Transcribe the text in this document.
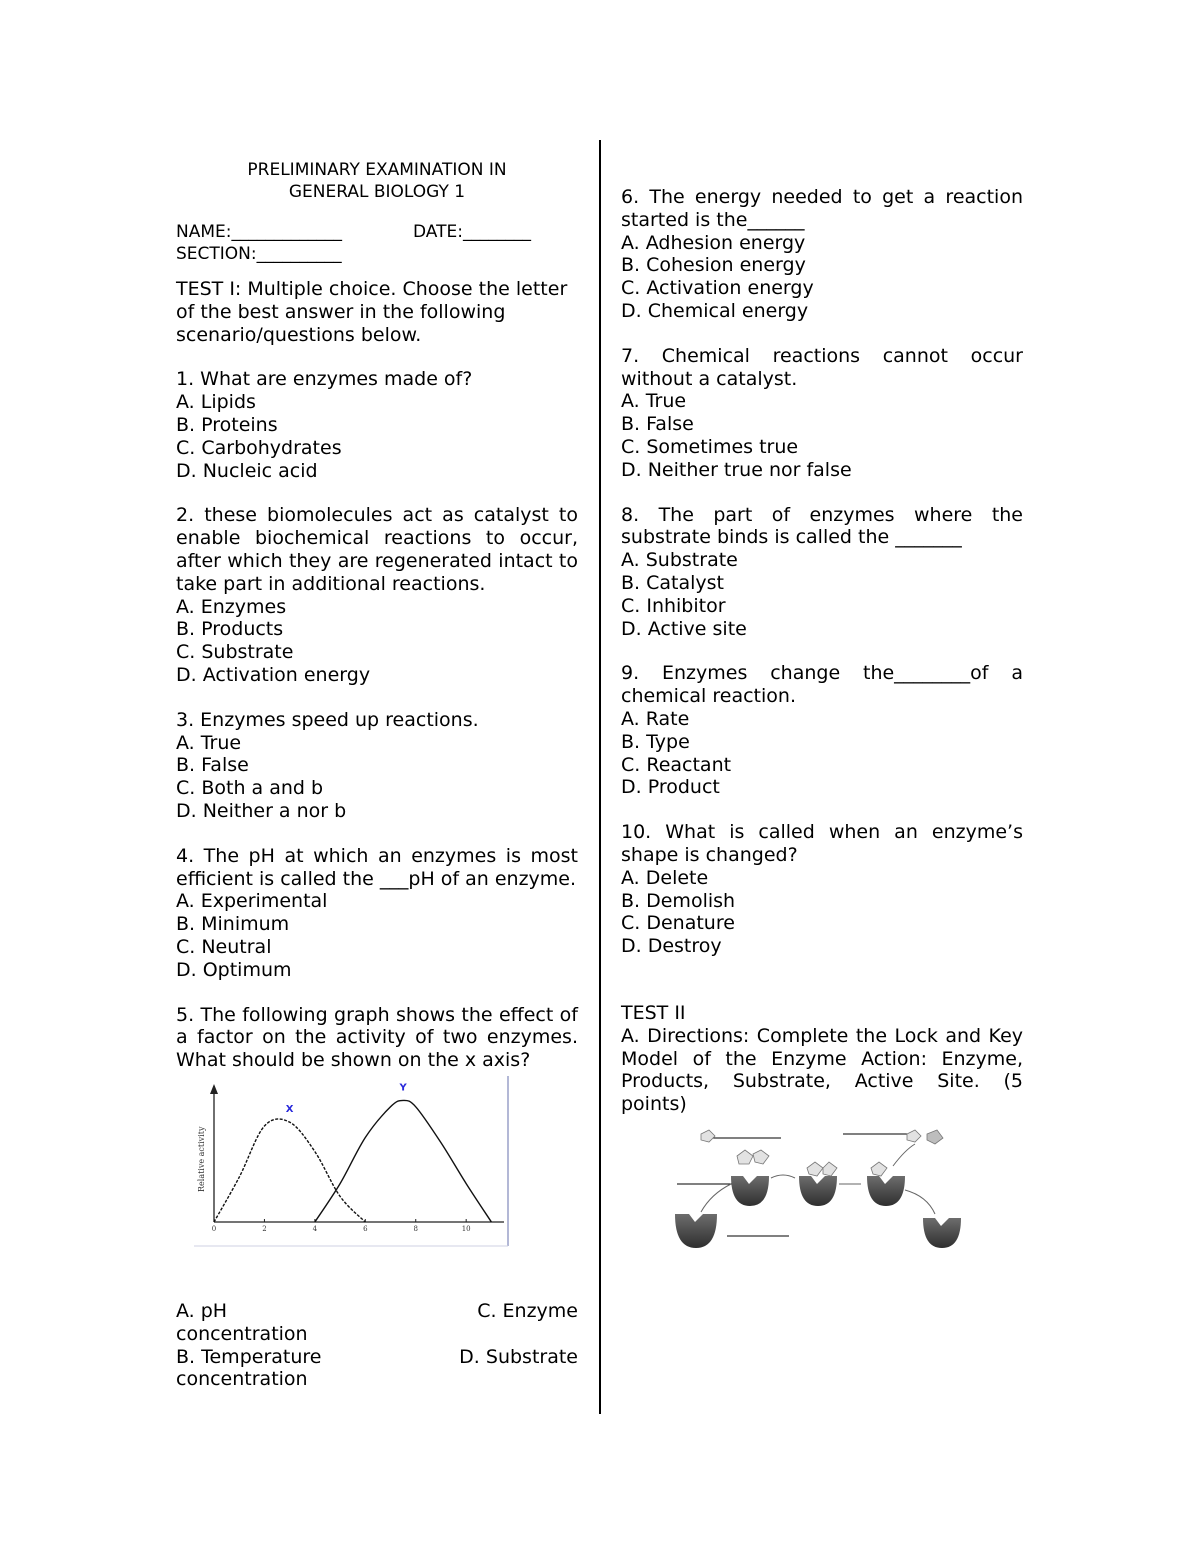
PRELIMINARY EXAMINATION IN
GENERAL BIOLOGY 1
NAME:_____________	DATE:________
SECTION:__________

TEST I: Multiple choice. Choose the letter of the best answer in the following scenario/questions below.

1. What are enzymes made of?

A. Lipids

B. Proteins

C. Carbohydrates

D. Nucleic acid

2. these biomolecules act as catalyst to enable biochemical reactions to occur, after which they are regenerated intact to take part in additional reactions.

A. Enzymes

B. Products

C. Substrate

D. Activation energy

3. Enzymes speed up reactions.

A. True

B. False

C. Both a and b

D. Neither a nor b

4. The pH at which an enzymes is most efficient is called the ___pH of an enzyme.

A. Experimental

B. Minimum

C. Neutral

D. Optimum

5. The following graph shows the effect of a factor on the activity of two enzymes. What should be shown on the x axis?

Relative activity
0	2	4	6	8	10
X
Y

6. The energy needed to get a reaction started is the______

A. Adhesion energy

B. Cohesion energy

C. Activation energy

D. Chemical energy

7. Chemical reactions cannot occur without a catalyst.

A. True

B. False

C. Sometimes true

D. Neither true nor false

8. The part of enzymes where the substrate binds is called the _______

A. Substrate

B. Catalyst

C. Inhibitor

D. Active site

9. Enzymes change the________of a chemical reaction.

A. Rate

B. Type

C. Reactant

D. Product

10. What is called when an enzyme’s shape is changed?

A. Delete

B. Demolish

C. Denature

D. Destroy

TEST II

A. Directions: Complete the Lock and Key Model of the Enzyme Action: Enzyme, Products, Substrate, Active Site. (5 points)

A. pH	C. Enzyme
concentration
B. Temperature	D. Substrate
concentration
